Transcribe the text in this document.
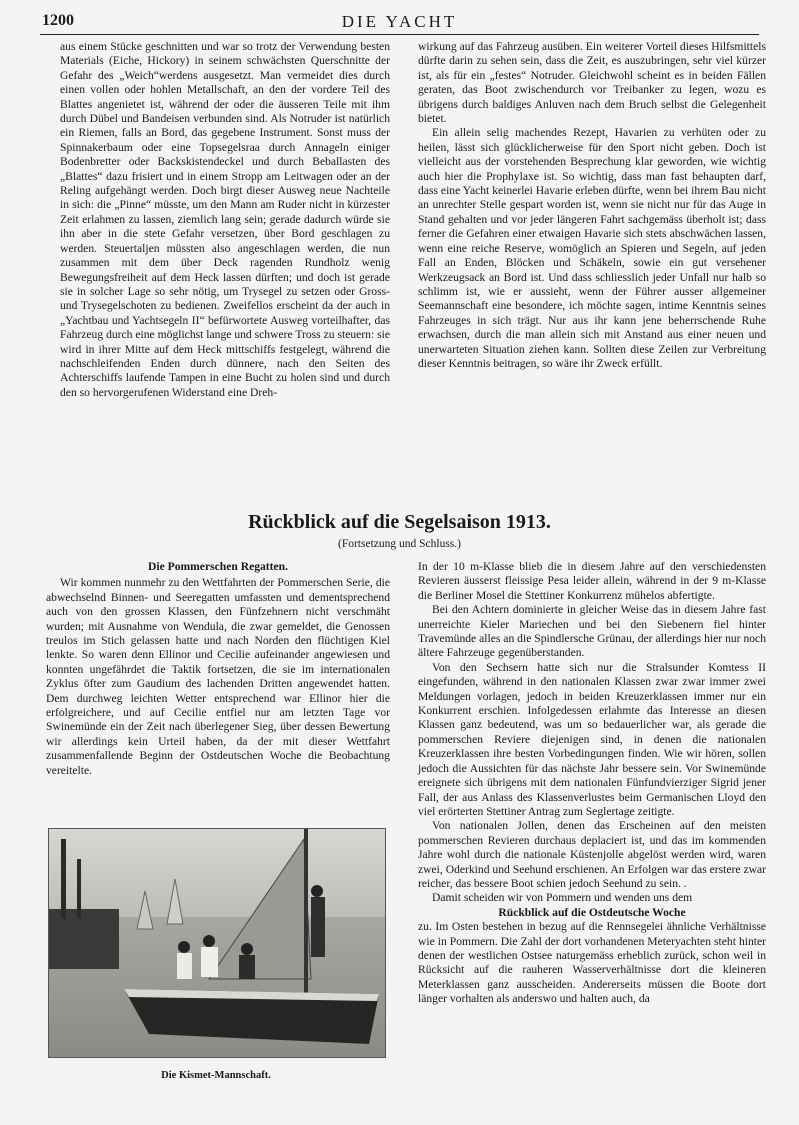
1200	DIE YACHT

aus einem Stücke geschnitten und war so trotz der Verwendung besten Materials (Eiche, Hickory) in seinem schwächsten Querschnitte der Gefahr des „Weich“werdens ausgesetzt. Man vermeidet dies durch einen vollen oder hohlen Metallschaft, an den der vordere Teil des Blattes angenietet ist, während der oder die äusseren Teile mit ihm durch Dübel und Bandeisen verbunden sind. Als Notruder ist natürlich ein Riemen, falls an Bord, das gegebene Instrument. Sonst muss der Spinnakerbaum oder eine Topsegelsraa durch Annageln einiger Bodenbretter oder Backskistendeckel und durch Beballasten des „Blattes“ dazu frisiert und in einem Stropp am Leitwagen oder an der Reling aufgehängt werden. Doch birgt dieser Ausweg neue Nachteile in sich: die „Pinne“ müsste, um den Mann am Ruder nicht in kürzester Zeit erlahmen zu lassen, ziemlich lang sein; gerade dadurch würde sie ihn aber in die stete Gefahr versetzen, über Bord geschlagen zu werden. Steuertaljen müssten also angeschlagen werden, die nun zusammen mit dem über Deck ragenden Rundholz wenig Bewegungsfreiheit auf dem Heck lassen dürften; und doch ist gerade sie in solcher Lage so sehr nötig, um Trysegel zu setzen oder Gross- und Trysegelschoten zu bedienen. Zweifellos erscheint da der auch in „Yachtbau und Yachtsegeln II“ befürwortete Ausweg vorteilhafter, das Fahrzeug durch eine möglichst lange und schwere Tross zu steuern: sie wird in ihrer Mitte auf dem Heck mittschiffs festgelegt, während die nachschleifenden Enden durch dünnere, nach den Seiten des Achterschiffs laufende Tampen in eine Bucht zu holen sind und durch den so hervorgerufenen Widerstand eine Dreh-

wirkung auf das Fahrzeug ausüben. Ein weiterer Vorteil dieses Hilfsmittels dürfte darin zu sehen sein, dass die Zeit, es auszubringen, sehr viel kürzer ist, als für ein „festes“ Notruder. Gleichwohl scheint es in beiden Fällen geraten, das Boot zwischendurch vor Treibanker zu legen, wozu es übrigens durch baldiges Anluven nach dem Bruch selbst die Gelegenheit bietet.

Ein allein selig machendes Rezept, Havarien zu verhüten oder zu heilen, lässt sich glücklicherweise für den Sport nicht geben. Doch ist vielleicht aus der vorstehenden Besprechung klar geworden, wie wichtig auch hier die Prophylaxe ist. So wichtig, dass man fast behaupten darf, dass eine Yacht keinerlei Havarie erleben dürfte, wenn bei ihrem Bau nicht an unrechter Stelle gespart worden ist, wenn sie nicht nur für das Auge in Stand gehalten und vor jeder längeren Fahrt sachgemäss überholt ist; dass ferner die Gefahren einer etwaigen Havarie sich stets abschwächen lassen, wenn eine reiche Reserve, womöglich an Spieren und Segeln, auf jeden Fall an Enden, Blöcken und Schäkeln, sowie ein gut versehener Werkzeugsack an Bord ist. Und dass schliesslich jeder Unfall nur halb so schlimm ist, wie er aussieht, wenn der Führer ausser allgemeiner Seemannschaft eine besondere, ich möchte sagen, intime Kenntnis seines Fahrzeuges in sich trägt. Nur aus ihr kann jene beherrschende Ruhe erwachsen, durch die man allein sich mit Anstand aus einer neuen und unerwarteten Situation ziehen kann. Sollten diese Zeilen zur Verbreitung dieser Kenntnis beitragen, so wäre ihr Zweck erfüllt.

Rückblick auf die Segelsaison 1913.
(Fortsetzung und Schluss.)
Die Pommerschen Regatten.

Wir kommen nunmehr zu den Wettfahrten der Pommerschen Serie, die abwechselnd Binnen- und Seeregatten umfassten und dementsprechend auch von den grossen Klassen, den Fünfzehnern nicht verschmäht wurden; mit Ausnahme von Wendula, die zwar gemeldet, die Genossen treulos im Stich gelassen hatte und nach Norden den flüchtigen Kiel lenkte. So waren denn Ellinor und Cecilie aufeinander angewiesen und konnten ungefährdet die Taktik fortsetzen, die sie im internationalen Zyklus öfter zum Gaudium des lachenden Dritten angewendet hatten. Dem durchweg leichten Wetter entsprechend war Ellinor hier die erfolgreichere, und auf Cecilie entfiel nur am letzten Tage vor Swinemünde ein der Zeit nach überlegener Sieg, über dessen Bewertung wir allerdings kein Urteil haben, da der mit dieser Wettfahrt zusammenfallende Beginn der Ostdeutschen Woche die Beobachtung vereitelte.

Die Kismet-Mannschaft.

In der 10 m-Klasse blieb die in diesem Jahre auf den verschiedensten Revieren äusserst fleissige Pesa leider allein, während in der 9 m-Klasse die Berliner Mosel die Stettiner Konkurrenz mühelos abfertigte.

Bei den Achtern dominierte in gleicher Weise das in diesem Jahre fast unerreichte Kieler Mariechen und bei den Siebenern fiel hinter Travemünde alles an die Spindlersche Grünau, der allerdings hier nur noch ältere Fahrzeuge gegenüberstanden.

Von den Sechsern hatte sich nur die Stralsunder Komtess II eingefunden, während in den nationalen Klassen zwar zwar immer zwei Meldungen vorlagen, jedoch in beiden Kreuzerklassen immer nur ein Konkurrent erschien. Infolgedessen erlahmte das Interesse an diesen Klassen ganz bedeutend, was um so bedauerlicher war, als gerade die pommerschen Reviere diejenigen sind, in denen die nationalen Kreuzerklassen ihre besten Vorbedingungen finden. Wie wir hören, sollen jedoch die Aussichten für das nächste Jahr bessere sein. Vor Swinemünde ereignete sich übrigens mit dem nationalen Fünfundvierziger Sigrid jener Fall, der aus Anlass des Klassenverlustes beim Germanischen Lloyd den viel erörterten Stettiner Antrag zum Seglertage zeitigte.

Von nationalen Jollen, denen das Erscheinen auf den meisten pommerschen Revieren durchaus deplaciert ist, und das im kommenden Jahre wohl durch die nationale Küstenjolle abgelöst werden wird, waren zwei, Oderkind und Seehund erschienen. An Erfolgen war das erstere zwar reicher, das bessere Boot schien jedoch Seehund zu sein. .

Damit scheiden wir von Pommern und wenden uns dem

Rückblick auf die Ostdeutsche Woche

zu. Im Osten bestehen in bezug auf die Rennsegelei ähnliche Verhältnisse wie in Pommern. Die Zahl der dort vorhandenen Meteryachten steht hinter denen der westlichen Ostsee naturgemäss erheblich zurück, schon weil in Rücksicht auf die rauheren Wasserverhältnisse dort die kleineren Meterklassen ganz ausscheiden. Andererseits müssen die Boote dort länger vorhalten als anderswo und halten auch, da
